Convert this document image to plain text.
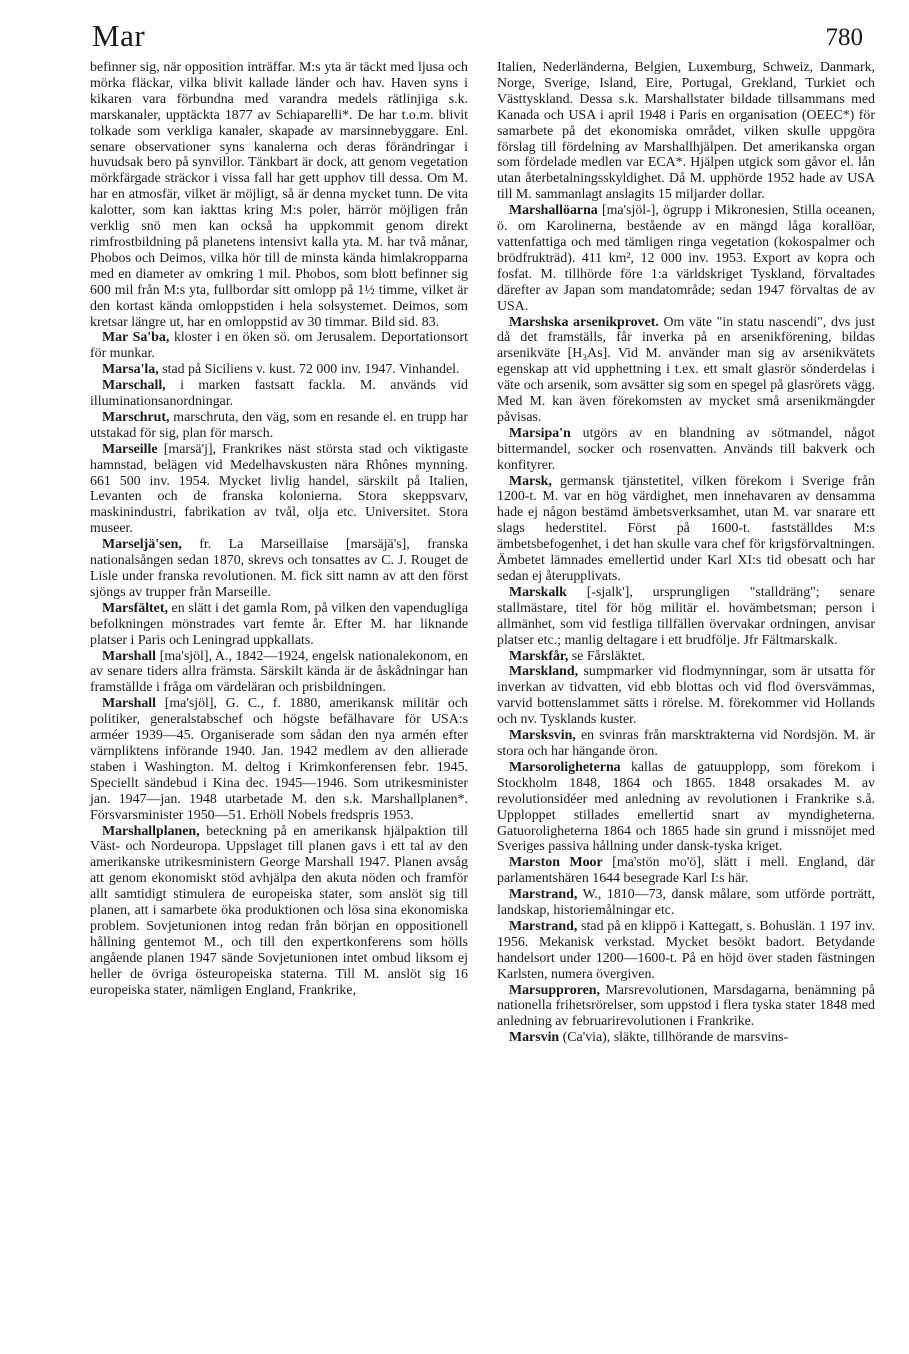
Mar	780

befinner sig, när opposition inträffar. M:s yta är täckt med ljusa och mörka fläckar, vilka blivit kallade länder och hav. Haven syns i kikaren vara förbundna med varandra medels rätlinjiga s.k. marskanaler, upptäckta 1877 av Schiaparelli*. De har t.o.m. blivit tolkade som verkliga kanaler, skapade av marsinnebyggare. Enl. senare observationer syns kanalerna och deras förändringar i huvudsak bero på synvillor. Tänkbart är dock, att genom vegetation mörkfärgade sträckor i vissa fall har gett upphov till dessa. Om M. har en atmosfär, vilket är möjligt, så är denna mycket tunn. De vita kalotter, som kan iakttas kring M:s poler, härrör möjligen från verklig snö men kan också ha uppkommit genom direkt rimfrostbildning på planetens intensivt kalla yta. M. har två månar, Phobos och Deimos, vilka hör till de minsta kända himlakropparna med en diameter av omkring 1 mil. Phobos, som blott befinner sig 600 mil från M:s yta, fullbordar sitt omlopp på 1½ timme, vilket är den kortast kända omloppstiden i hela solsystemet. Deimos, som kretsar längre ut, har en omloppstid av 30 timmar. Bild sid. 83.

Mar Sa'ba, kloster i en öken sö. om Jerusalem. Deportationsort för munkar.

Marsa'la, stad på Siciliens v. kust. 72 000 inv. 1947. Vinhandel.

Marschall, i marken fastsatt fackla. M. används vid illuminationsanordningar.

Marschrut, marschruta, den väg, som en resande el. en trupp har utstakad för sig, plan för marsch.

Marseille [marsä'j], Frankrikes näst största stad och viktigaste hamnstad, belägen vid Medelhavskusten nära Rhônes mynning. 661 500 inv. 1954. Mycket livlig handel, särskilt på Italien, Levanten och de franska kolonierna. Stora skeppsvarv, maskinindustri, fabrikation av tvål, olja etc. Universitet. Stora museer.

Marseljä'sen, fr. La Marseillaise [marsäjä's], franska nationalsången sedan 1870, skrevs och tonsattes av C. J. Rouget de Lisle under franska revolutionen. M. fick sitt namn av att den först sjöngs av trupper från Marseille.

Marsfältet, en slätt i det gamla Rom, på vilken den vapendugliga befolkningen mönstrades vart femte år. Efter M. har liknande platser i Paris och Leningrad uppkallats.

Marshall [ma'sjöl], A., 1842—1924, engelsk nationalekonom, en av senare tiders allra främsta. Särskilt kända är de åskådningar han framställde i fråga om värdeläran och prisbildningen.

Marshall [ma'sjöl], G. C., f. 1880, amerikansk militär och politiker, generalstabschef och högste befälhavare för USA:s arméer 1939—45. Organiserade som sådan den nya armén efter värnpliktens införande 1940. Jan. 1942 medlem av den allierade staben i Washington. M. deltog i Krimkonferensen febr. 1945. Speciellt sändebud i Kina dec. 1945—1946. Som utrikesminister jan. 1947—jan. 1948 utarbetade M. den s.k. Marshallplanen*. Försvarsminister 1950—51. Erhöll Nobels fredspris 1953.

Marshallplanen, beteckning på en amerikansk hjälpaktion till Väst- och Nordeuropa. Uppslaget till planen gavs i ett tal av den amerikanske utrikesministern George Marshall 1947. Planen avsåg att genom ekonomiskt stöd avhjälpa den akuta nöden och framför allt samtidigt stimulera de europeiska stater, som anslöt sig till planen, att i samarbete öka produktionen och lösa sina ekonomiska problem. Sovjetunionen intog redan från början en oppositionell hållning gentemot M., och till den expertkonferens som hölls angående planen 1947 sände Sovjetunionen intet ombud liksom ej heller de övriga östeuropeiska staterna. Till M. anslöt sig 16 europeiska stater, nämligen England, Frankrike,

Italien, Nederländerna, Belgien, Luxemburg, Schweiz, Danmark, Norge, Sverige, Island, Eire, Portugal, Grekland, Turkiet och Västtyskland. Dessa s.k. Marshallstater bildade tillsammans med Kanada och USA i april 1948 i Paris en organisation (OEEC*) för samarbete på det ekonomiska området, vilken skulle uppgöra förslag till fördelning av Marshallhjälpen. Det amerikanska organ som fördelade medlen var ECA*. Hjälpen utgick som gåvor el. lån utan återbetalningsskyldighet. Då M. upphörde 1952 hade av USA till M. sammanlagt anslagits 15 miljarder dollar.

Marshallöarna [ma'sjöl-], ögrupp i Mikronesien, Stilla oceanen, ö. om Karolinerna, bestående av en mängd låga korallöar, vattenfattiga och med tämligen ringa vegetation (kokospalmer och brödfrukträd). 411 km², 12 000 inv. 1953. Export av kopra och fosfat. M. tillhörde före 1:a världskriget Tyskland, förvaltades därefter av Japan som mandatområde; sedan 1947 förvaltas de av USA.

Marshska arsenikprovet. Om väte "in statu nascendi", dvs just då det framställs, får inverka på en arsenikförening, bildas arsenikväte [H₃As]. Vid M. använder man sig av arsenikvätets egenskap att vid upphettning i t.ex. ett smalt glasrör sönderdelas i väte och arsenik, som avsätter sig som en spegel på glasrörets vägg. Med M. kan även förekomsten av mycket små arsenikmängder påvisas.

Marsipa'n utgörs av en blandning av sötmandel, något bittermandel, socker och rosenvatten. Används till bakverk och konfityrer.

Marsk, germansk tjänstetitel, vilken förekom i Sverige från 1200-t. M. var en hög värdighet, men innehavaren av densamma hade ej någon bestämd ämbetsverksamhet, utan M. var snarare ett slags hederstitel. Först på 1600-t. fastställdes M:s ämbetsbefogenhet, i det han skulle vara chef för krigsförvaltningen. Ämbetet lämnades emellertid under Karl XI:s tid obesatt och har sedan ej återupplivats.

Marskalk [-sjalk'], ursprungligen "stalldräng"; senare stallmästare, titel för hög militär el. hovämbetsman; person i allmänhet, som vid festliga tillfällen övervakar ordningen, anvisar platser etc.; manlig deltagare i ett brudfölje. Jfr Fältmarskalk.

Marskfår, se Fårsläktet.

Marskland, sumpmarker vid flodmynningar, som är utsatta för inverkan av tidvatten, vid ebb blottas och vid flod översvämmas, varvid bottenslammet sätts i rörelse. M. förekommer vid Hollands och nv. Tysklands kuster.

Marsksvin, en svinras från marsktrakterna vid Nordsjön. M. är stora och har hängande öron.

Marsoroligheterna kallas de gatuupplopp, som förekom i Stockholm 1848, 1864 och 1865. 1848 orsakades M. av revolutionsidéer med anledning av revolutionen i Frankrike s.å. Upploppet stillades emellertid snart av myndigheterna. Gatuoroligheterna 1864 och 1865 hade sin grund i missnöjet med Sveriges passiva hållning under dansk-tyska kriget.

Marston Moor [ma'stön mo'ö], slätt i mell. England, där parlamentshären 1644 besegrade Karl I:s här.

Marstrand, W., 1810—73, dansk målare, som utförde porträtt, landskap, historiemålningar etc.

Marstrand, stad på en klippö i Kattegatt, s. Bohuslän. 1 197 inv. 1956. Mekanisk verkstad. Mycket besökt badort. Betydande handelsort under 1200—1600-t. På en höjd över staden fästningen Karlsten, numera övergiven.

Marsupproren, Marsrevolutionen, Marsdagarna, benämning på nationella frihetsrörelser, som uppstod i flera tyska stater 1848 med anledning av februarirevolutionen i Frankrike.

Marsvin (Ca'via), släkte, tillhörande de marsvins-
